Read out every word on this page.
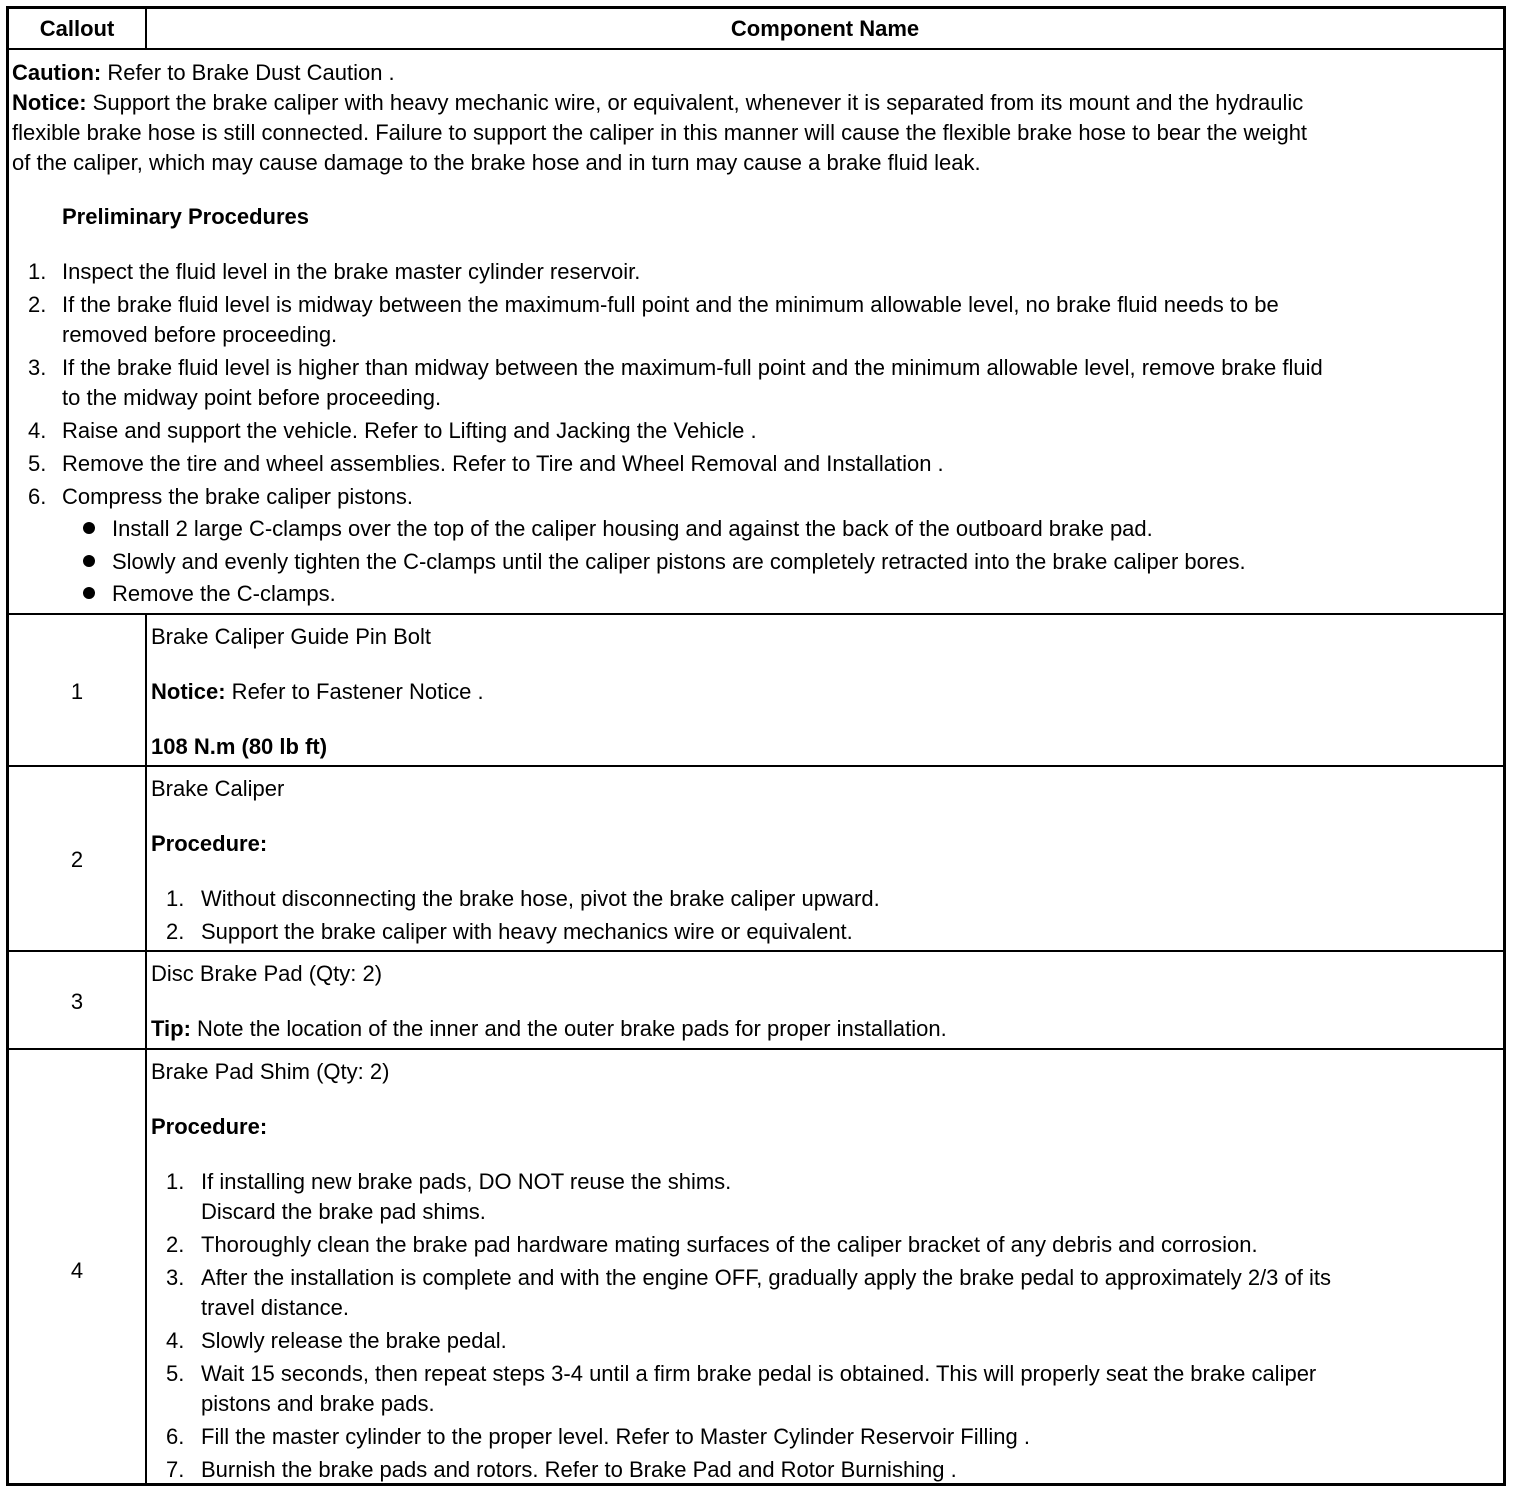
Callout	Component Name
Caution: Refer to Brake Dust Caution .
Notice: Support the brake caliper with heavy mechanic wire, or equivalent, whenever it is separated from its mount and the hydraulic
flexible brake hose is still connected. Failure to support the caliper in this manner will cause the flexible brake hose to bear the weight
of the caliper, which may cause damage to the brake hose and in turn may cause a brake fluid leak.
Preliminary Procedures
1. Inspect the fluid level in the brake master cylinder reservoir.
2. If the brake fluid level is midway between the maximum-full point and the minimum allowable level, no brake fluid needs to be
removed before proceeding.
3. If the brake fluid level is higher than midway between the maximum-full point and the minimum allowable level, remove brake fluid
to the midway point before proceeding.
4. Raise and support the vehicle. Refer to Lifting and Jacking the Vehicle .
5. Remove the tire and wheel assemblies. Refer to Tire and Wheel Removal and Installation .
6. Compress the brake caliper pistons.
Install 2 large C-clamps over the top of the caliper housing and against the back of the outboard brake pad.
Slowly and evenly tighten the C-clamps until the caliper pistons are completely retracted into the brake caliper bores.
Remove the C-clamps.
1
Brake Caliper Guide Pin Bolt
Notice: Refer to Fastener Notice .
108 N.m (80 lb ft)
2
Brake Caliper
Procedure:
1. Without disconnecting the brake hose, pivot the brake caliper upward.
2. Support the brake caliper with heavy mechanics wire or equivalent.
3
Disc Brake Pad (Qty: 2)
Tip: Note the location of the inner and the outer brake pads for proper installation.
4
Brake Pad Shim (Qty: 2)
Procedure:
1. If installing new brake pads, DO NOT reuse the shims.
Discard the brake pad shims.
2. Thoroughly clean the brake pad hardware mating surfaces of the caliper bracket of any debris and corrosion.
3. After the installation is complete and with the engine OFF, gradually apply the brake pedal to approximately 2/3 of its
travel distance.
4. Slowly release the brake pedal.
5. Wait 15 seconds, then repeat steps 3-4 until a firm brake pedal is obtained. This will properly seat the brake caliper
pistons and brake pads.
6. Fill the master cylinder to the proper level. Refer to Master Cylinder Reservoir Filling .
7. Burnish the brake pads and rotors. Refer to Brake Pad and Rotor Burnishing .
